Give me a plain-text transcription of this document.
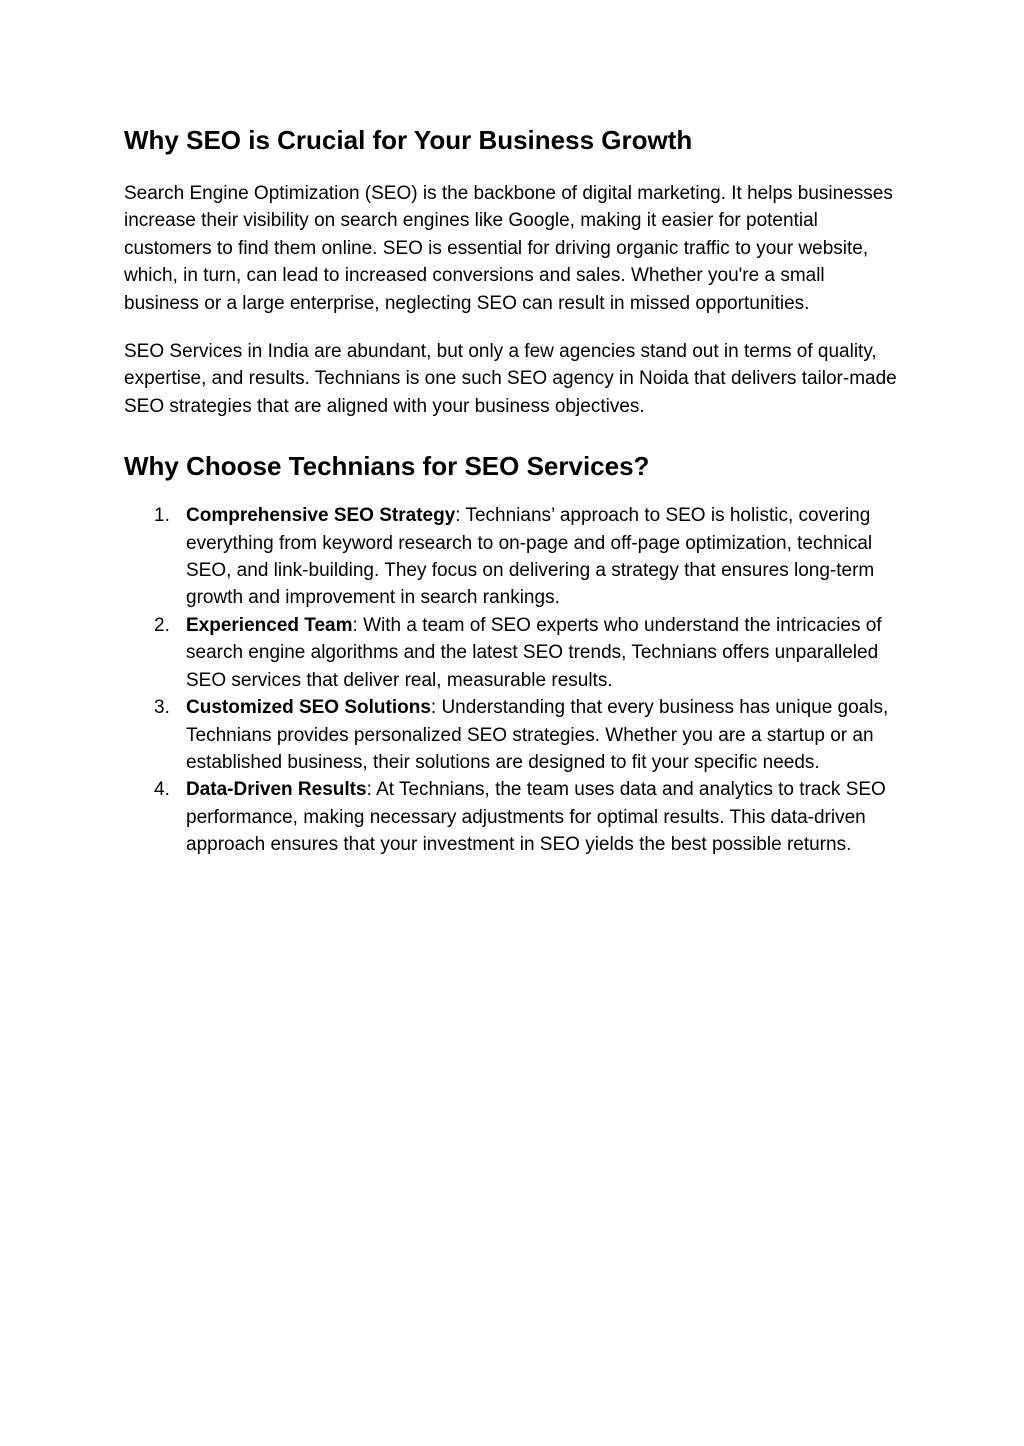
Why SEO is Crucial for Your Business Growth

Search Engine Optimization (SEO) is the backbone of digital marketing. It helps businesses increase their visibility on search engines like Google, making it easier for potential customers to find them online. SEO is essential for driving organic traffic to your website, which, in turn, can lead to increased conversions and sales. Whether you're a small business or a large enterprise, neglecting SEO can result in missed opportunities.

SEO Services in India are abundant, but only a few agencies stand out in terms of quality, expertise, and results. Technians is one such SEO agency in Noida that delivers tailor-made SEO strategies that are aligned with your business objectives.

Why Choose Technians for SEO Services?
1. Comprehensive SEO Strategy: Technians’ approach to SEO is holistic, covering everything from keyword research to on-page and off-page optimization, technical SEO, and link-building. They focus on delivering a strategy that ensures long-term growth and improvement in search rankings.
2. Experienced Team: With a team of SEO experts who understand the intricacies of search engine algorithms and the latest SEO trends, Technians offers unparalleled SEO services that deliver real, measurable results.
3. Customized SEO Solutions: Understanding that every business has unique goals, Technians provides personalized SEO strategies. Whether you are a startup or an established business, their solutions are designed to fit your specific needs.
4. Data-Driven Results: At Technians, the team uses data and analytics to track SEO performance, making necessary adjustments for optimal results. This data-driven approach ensures that your investment in SEO yields the best possible returns.
